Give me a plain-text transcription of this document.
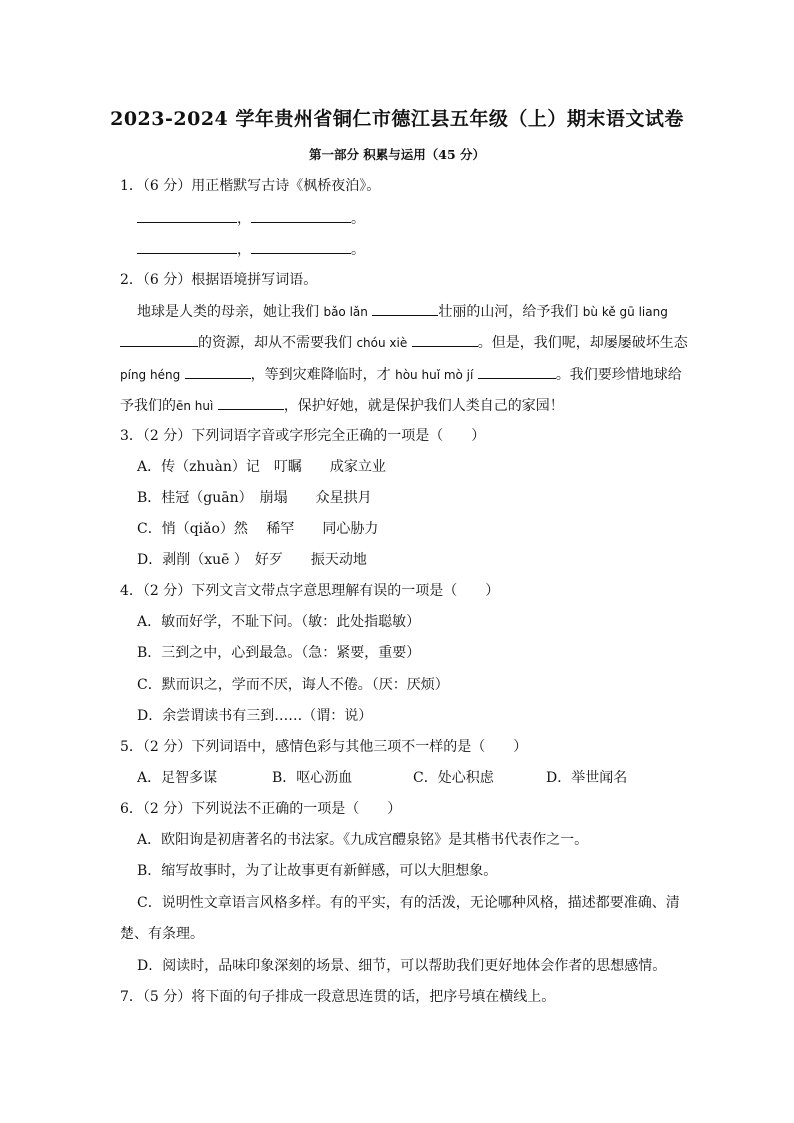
2023-2024 学年贵州省铜仁市德江县五年级（上）期末语文试卷
第一部分 积累与运用（45 分）
1．（6 分）用正楷默写古诗《枫桥夜泊》。
，	。
，	。
2．（6 分）根据语境拼写词语。
地球是人类的母亲，她让我们 bǎo lǎn	壮丽的山河，给予我们 bù kě gū liang
的资源，却从不需要我们 chóu xiè	。但是，我们呢，却屡屡破坏生态
píng héng	，等到灾难降临时，才 hòu huǐ mò jí	。我们要珍惜地球给
予我们的ēn huì	，保护好她，就是保护我们人类自己的家园！
3．（2 分）下列词语字音或字形完全正确的一项是（　　）
A．传（zhuàn）记　叮瞩　　成家立业
B．桂冠（guān）　崩塌　　众星拱月
C．悄（qiǎo）然　 稀罕　　同心胁力
D．剥削（xuē ）　好歹　　振天动地
4．（2 分）下列文言文带点字意思理解有误的一项是（　　）
A．敏而好学，不耻下问。（敏：此处指聪敏）
B．三到之中，心到最急。（急：紧要，重要）
C．默而识之，学而不厌，诲人不倦。（厌：厌烦）
D．余尝谓读书有三到……（谓：说）
5．（2 分）下列词语中，感情色彩与其他三项不一样的是（　　）
A．足智多谋	B．呕心沥血	C．处心积虑	D．举世闻名
6．（2 分）下列说法不正确的一项是（　　）
A．欧阳询是初唐著名的书法家。《九成宫醴泉铭》是其楷书代表作之一。
B．缩写故事时，为了让故事更有新鲜感，可以大胆想象。
C．说明性文章语言风格多样。有的平实，有的活泼，无论哪种风格，描述都要准确、清
楚、有条理。
D．阅读时，品味印象深刻的场景、细节，可以帮助我们更好地体会作者的思想感情。
7．（5 分）将下面的句子排成一段意思连贯的话，把序号填在横线上。
